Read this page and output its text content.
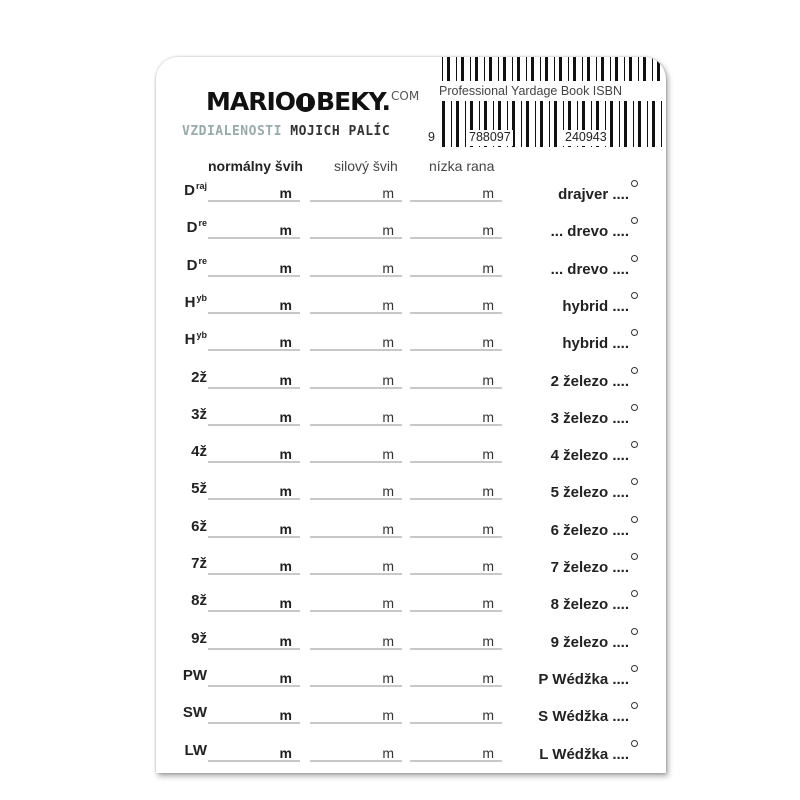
MARIO BEKY. COM
VZDIALENOSTI MOJICH PALÍC
Professional Yardage Book ISBN
9	788097	240943
normálny švih silový švih nízka rana
$D^{raj}$	m	m	m	drajver ....
Dre	m	m	m	... drevo ....
Dre	m	m	m	... drevo ....
$H^{yb}$	m	m	m	hybrid ....
$H^{yb}$	m	m	m	hybrid ....
2ž	m	m	m	2 železo ....
3ž	m	m	m	3 železo ....
4ž	m	m	m	4 železo ....
5ž	m	m	m	5 železo ....
6ž	m	m	m	6 železo ....
7ž	m	m	m	7 železo ....
8ž	m	m	m	8 železo ....
9ž	m	m	m	9 železo ....
PW	m	m	m	P Wédžka ....
SW	m	m	m	S Wédžka ....
LW	m	m	m	L Wédžka ....
